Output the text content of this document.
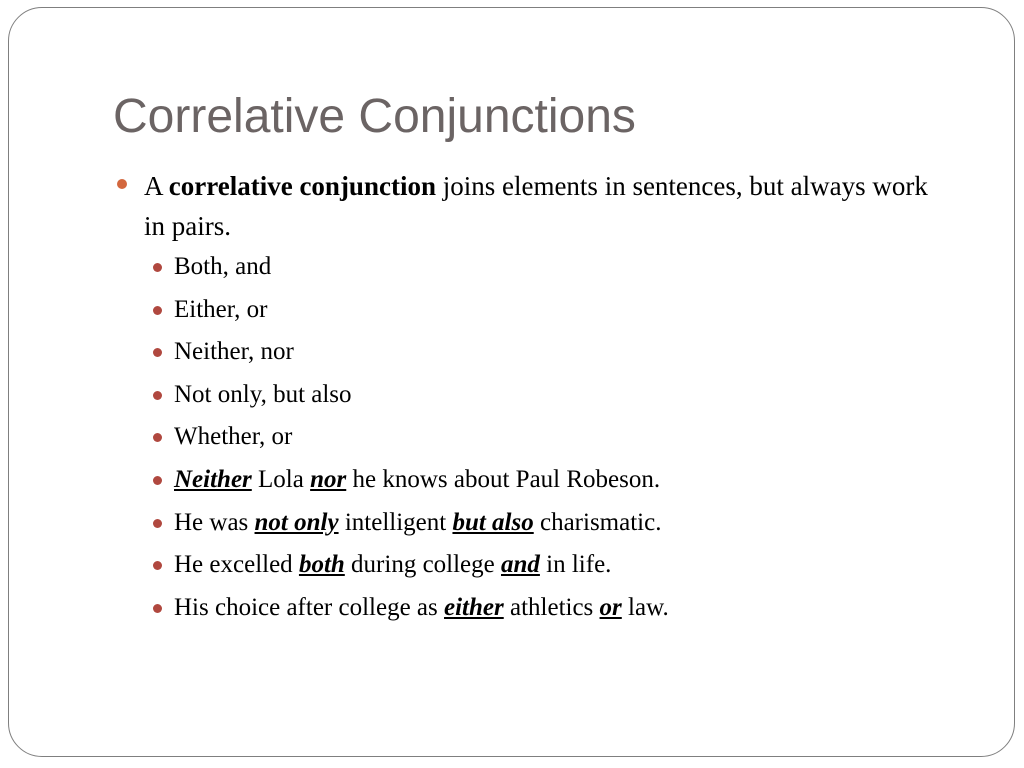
Correlative Conjunctions

A correlative conjunction joins elements in sentences, but always work in pairs.

Both, and
Either, or
Neither, nor
Not only, but also
Whether, or
Neither Lola nor he knows about Paul Robeson.
He was not only intelligent but also charismatic.
He excelled both during college and in life.
His choice after college as either athletics or law.
